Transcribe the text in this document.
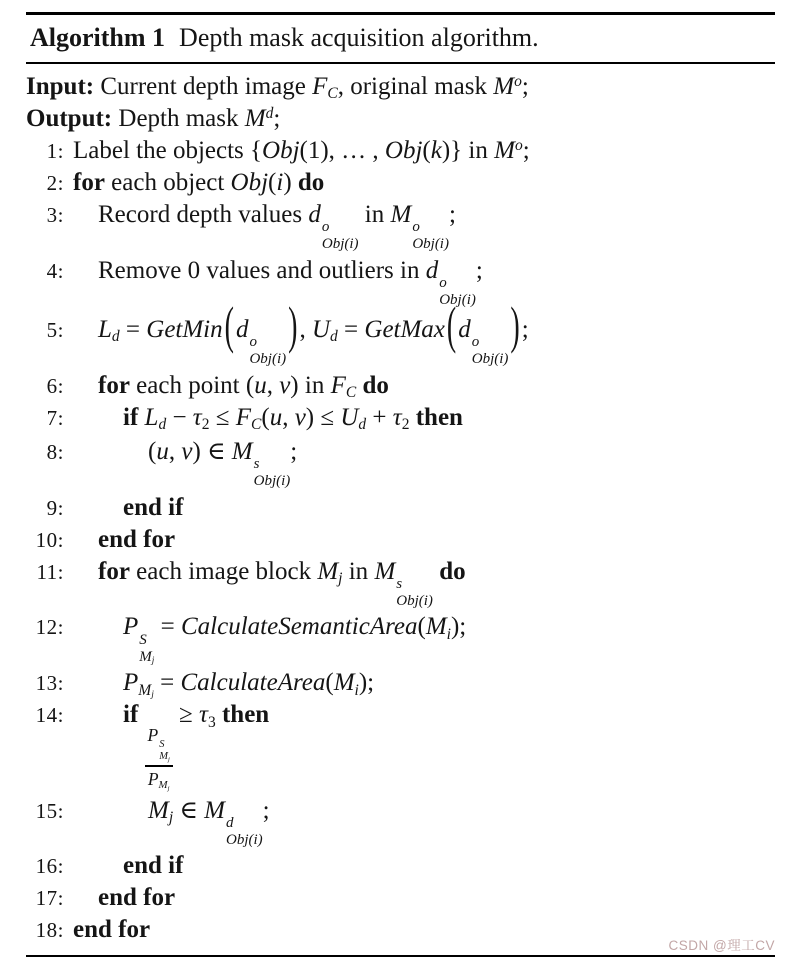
Algorithm 1 Depth mask acquisition algorithm.
Input: Current depth image FC, original mask $M^o$;
Output: Depth mask $M^d$;
1: Label the objects {Obj(1), … , Obj(k)} in $M^o$;
2: for each object Obj(i) do
3:	Record depth values d o
Obj(i)
in M o
Obj(i)
;
4:	Remove 0 values and outliers in d o
Obj(i)
;
5:	Ld = GetMin(d o
Obj(i)
), Ud = GetMax(d o
Obj(i)
);
6:	for each point (u, v) in FC do
7:	if Ld − τ2 ≤ FC(u, v) ≤ Ud + τ2 then
8:	(u, v) ∈ M s
Obj(i)
;
9:	end if
10:	end for
11:	for each image block Mj in M s
Obj(i)
do
12:	P S
Mj
= CalculateSemanticArea(Mi);
13:	PMj = CalculateArea(Mi);
14:	if
P S
Mj
PMj
≥ τ3 then
15:	Mj ∈ M d
Obj(i)
;
16:	end if
17:	end for
18: end for
CSDN @理工CV
